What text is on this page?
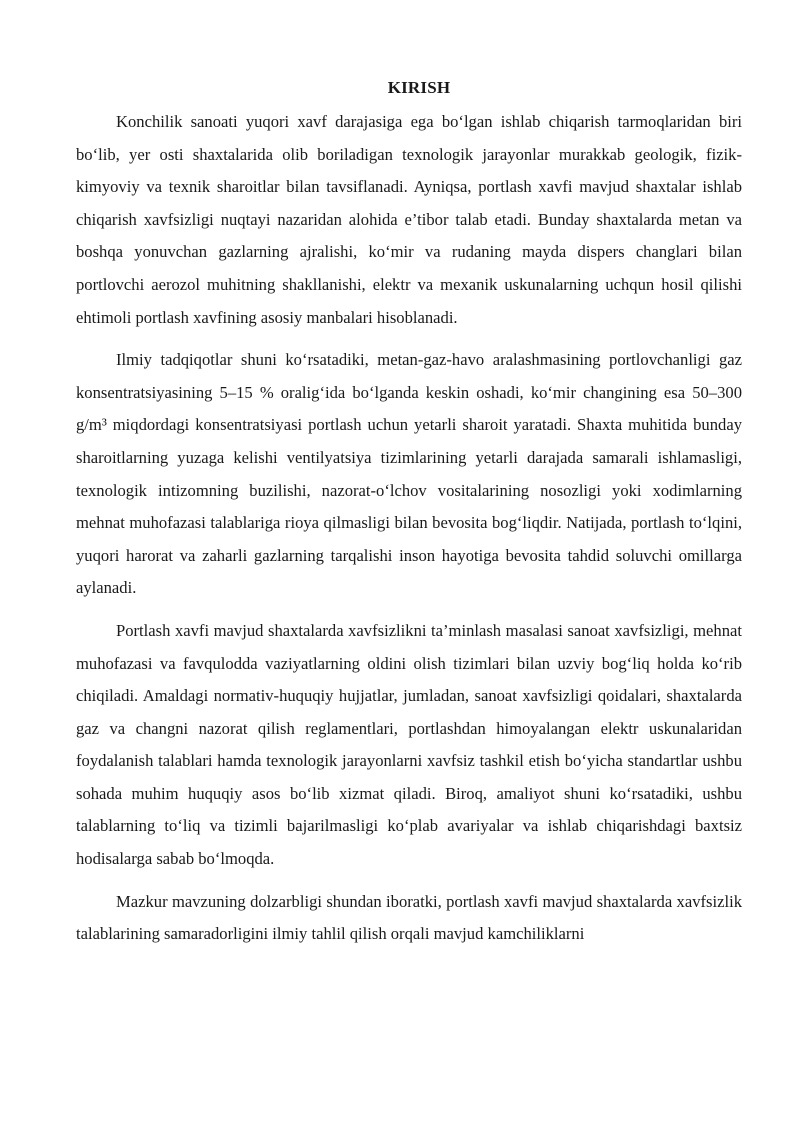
KIRISH

Konchilik sanoati yuqori xavf darajasiga ega bo‘lgan ishlab chiqarish tarmoqlaridan biri bo‘lib, yer osti shaxtalarida olib boriladigan texnologik jarayonlar murakkab geologik, fizik-kimyoviy va texnik sharoitlar bilan tavsiflanadi. Ayniqsa, portlash xavfi mavjud shaxtalar ishlab chiqarish xavfsizligi nuqtayi nazaridan alohida e’tibor talab etadi. Bunday shaxtalarda metan va boshqa yonuvchan gazlarning ajralishi, ko‘mir va rudaning mayda dispers changlari bilan portlovchi aerozol muhitning shakllanishi, elektr va mexanik uskunalarning uchqun hosil qilishi ehtimoli portlash xavfining asosiy manbalari hisoblanadi.

Ilmiy tadqiqotlar shuni ko‘rsatadiki, metan-gaz-havo aralashmasining portlovchanligi gaz konsentratsiyasining 5–15 % oralig‘ida bo‘lganda keskin oshadi, ko‘mir changining esa 50–300 g/m³ miqdordagi konsentratsiyasi portlash uchun yetarli sharoit yaratadi. Shaxta muhitida bunday sharoitlarning yuzaga kelishi ventilyatsiya tizimlarining yetarli darajada samarali ishlamasligi, texnologik intizomning buzilishi, nazorat-o‘lchov vositalarining nosozligi yoki xodimlarning mehnat muhofazasi talablariga rioya qilmasligi bilan bevosita bog‘liqdir. Natijada, portlash to‘lqini, yuqori harorat va zaharli gazlarning tarqalishi inson hayotiga bevosita tahdid soluvchi omillarga aylanadi.

Portlash xavfi mavjud shaxtalarda xavfsizlikni ta’minlash masalasi sanoat xavfsizligi, mehnat muhofazasi va favqulodda vaziyatlarning oldini olish tizimlari bilan uzviy bog‘liq holda ko‘rib chiqiladi. Amaldagi normativ-huquqiy hujjatlar, jumladan, sanoat xavfsizligi qoidalari, shaxtalarda gaz va changni nazorat qilish reglamentlari, portlashdan himoyalangan elektr uskunalaridan foydalanish talablari hamda texnologik jarayonlarni xavfsiz tashkil etish bo‘yicha standartlar ushbu sohada muhim huquqiy asos bo‘lib xizmat qiladi. Biroq, amaliyot shuni ko‘rsatadiki, ushbu talablarning to‘liq va tizimli bajarilmasligi ko‘plab avariyalar va ishlab chiqarishdagi baxtsiz hodisalarga sabab bo‘lmoqda.

Mazkur mavzuning dolzarbligi shundan iboratki, portlash xavfi mavjud shaxtalarda xavfsizlik talablarining samaradorligini ilmiy tahlil qilish orqali mavjud kamchiliklarni
